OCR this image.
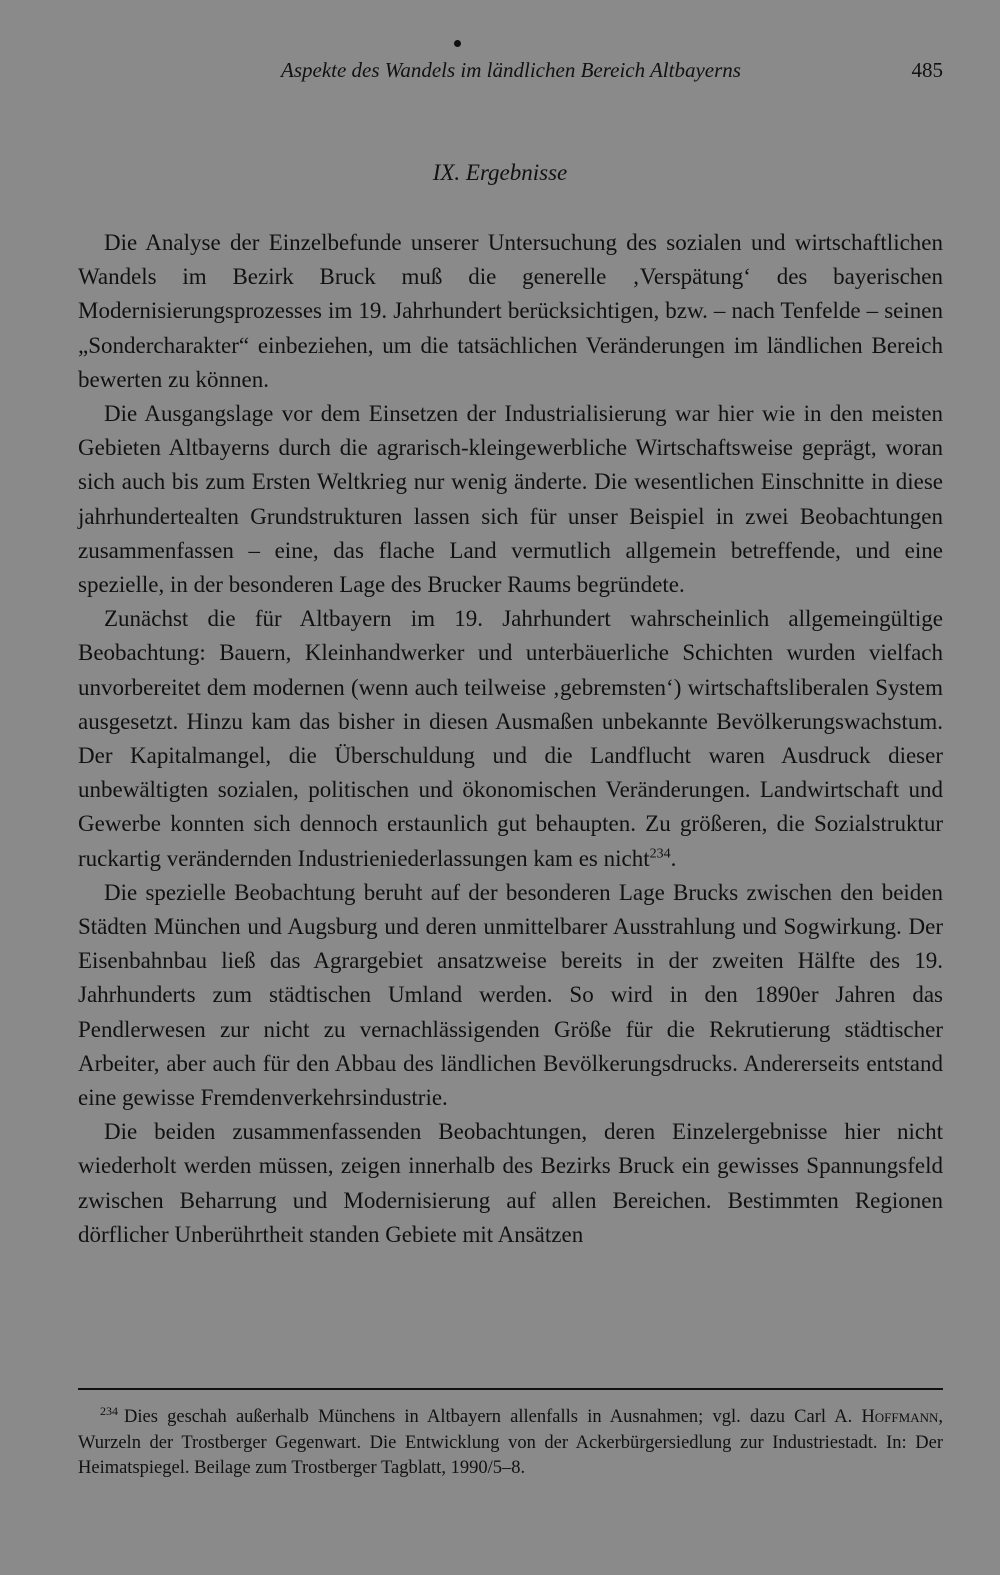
Aspekte des Wandels im ländlichen Bereich Altbayerns	485
IX. Ergebnisse

Die Analyse der Einzelbefunde unserer Untersuchung des sozialen und wirtschaftlichen Wandels im Bezirk Bruck muß die generelle ‚Verspätung‘ des bayerischen Modernisierungsprozesses im 19. Jahrhundert berücksichtigen, bzw. – nach Tenfelde – seinen „Sondercharakter“ einbeziehen, um die tatsächlichen Veränderungen im ländlichen Bereich bewerten zu können.

Die Ausgangslage vor dem Einsetzen der Industrialisierung war hier wie in den meisten Gebieten Altbayerns durch die agrarisch-kleingewerbliche Wirtschaftsweise geprägt, woran sich auch bis zum Ersten Weltkrieg nur wenig änderte. Die wesentlichen Einschnitte in diese jahrhundertealten Grundstrukturen lassen sich für unser Beispiel in zwei Beobachtungen zusammenfassen – eine, das flache Land vermutlich allgemein betreffende, und eine spezielle, in der besonderen Lage des Brucker Raums begründete.

Zunächst die für Altbayern im 19. Jahrhundert wahrscheinlich allgemeingültige Beobachtung: Bauern, Kleinhandwerker und unterbäuerliche Schichten wurden vielfach unvorbereitet dem modernen (wenn auch teilweise ‚gebremsten‘) wirtschaftsliberalen System ausgesetzt. Hinzu kam das bisher in diesen Ausmaßen unbekannte Bevölkerungswachstum. Der Kapitalmangel, die Überschuldung und die Landflucht waren Ausdruck dieser unbewältigten sozialen, politischen und ökonomischen Veränderungen. Landwirtschaft und Gewerbe konnten sich dennoch erstaunlich gut behaupten. Zu größeren, die Sozialstruktur ruckartig verändernden Industrieniederlassungen kam es nicht$^{234}$.

Die spezielle Beobachtung beruht auf der besonderen Lage Brucks zwischen den beiden Städten München und Augsburg und deren unmittelbarer Ausstrahlung und Sogwirkung. Der Eisenbahnbau ließ das Agrargebiet ansatzweise bereits in der zweiten Hälfte des 19. Jahrhunderts zum städtischen Umland werden. So wird in den 1890er Jahren das Pendlerwesen zur nicht zu vernachlässigenden Größe für die Rekrutierung städtischer Arbeiter, aber auch für den Abbau des ländlichen Bevölkerungsdrucks. Andererseits entstand eine gewisse Fremdenverkehrsindustrie.

Die beiden zusammenfassenden Beobachtungen, deren Einzelergebnisse hier nicht wiederholt werden müssen, zeigen innerhalb des Bezirks Bruck ein gewisses Spannungsfeld zwischen Beharrung und Modernisierung auf allen Bereichen. Bestimmten Regionen dörflicher Unberührtheit standen Gebiete mit Ansätzen

$^{234}$ Dies geschah außerhalb Münchens in Altbayern allenfalls in Ausnahmen; vgl. dazu Carl A. Hoffmann, Wurzeln der Trostberger Gegenwart. Die Entwicklung von der Ackerbürgersiedlung zur Industriestadt. In: Der Heimatspiegel. Beilage zum Trostberger Tagblatt, 1990/5–8.
